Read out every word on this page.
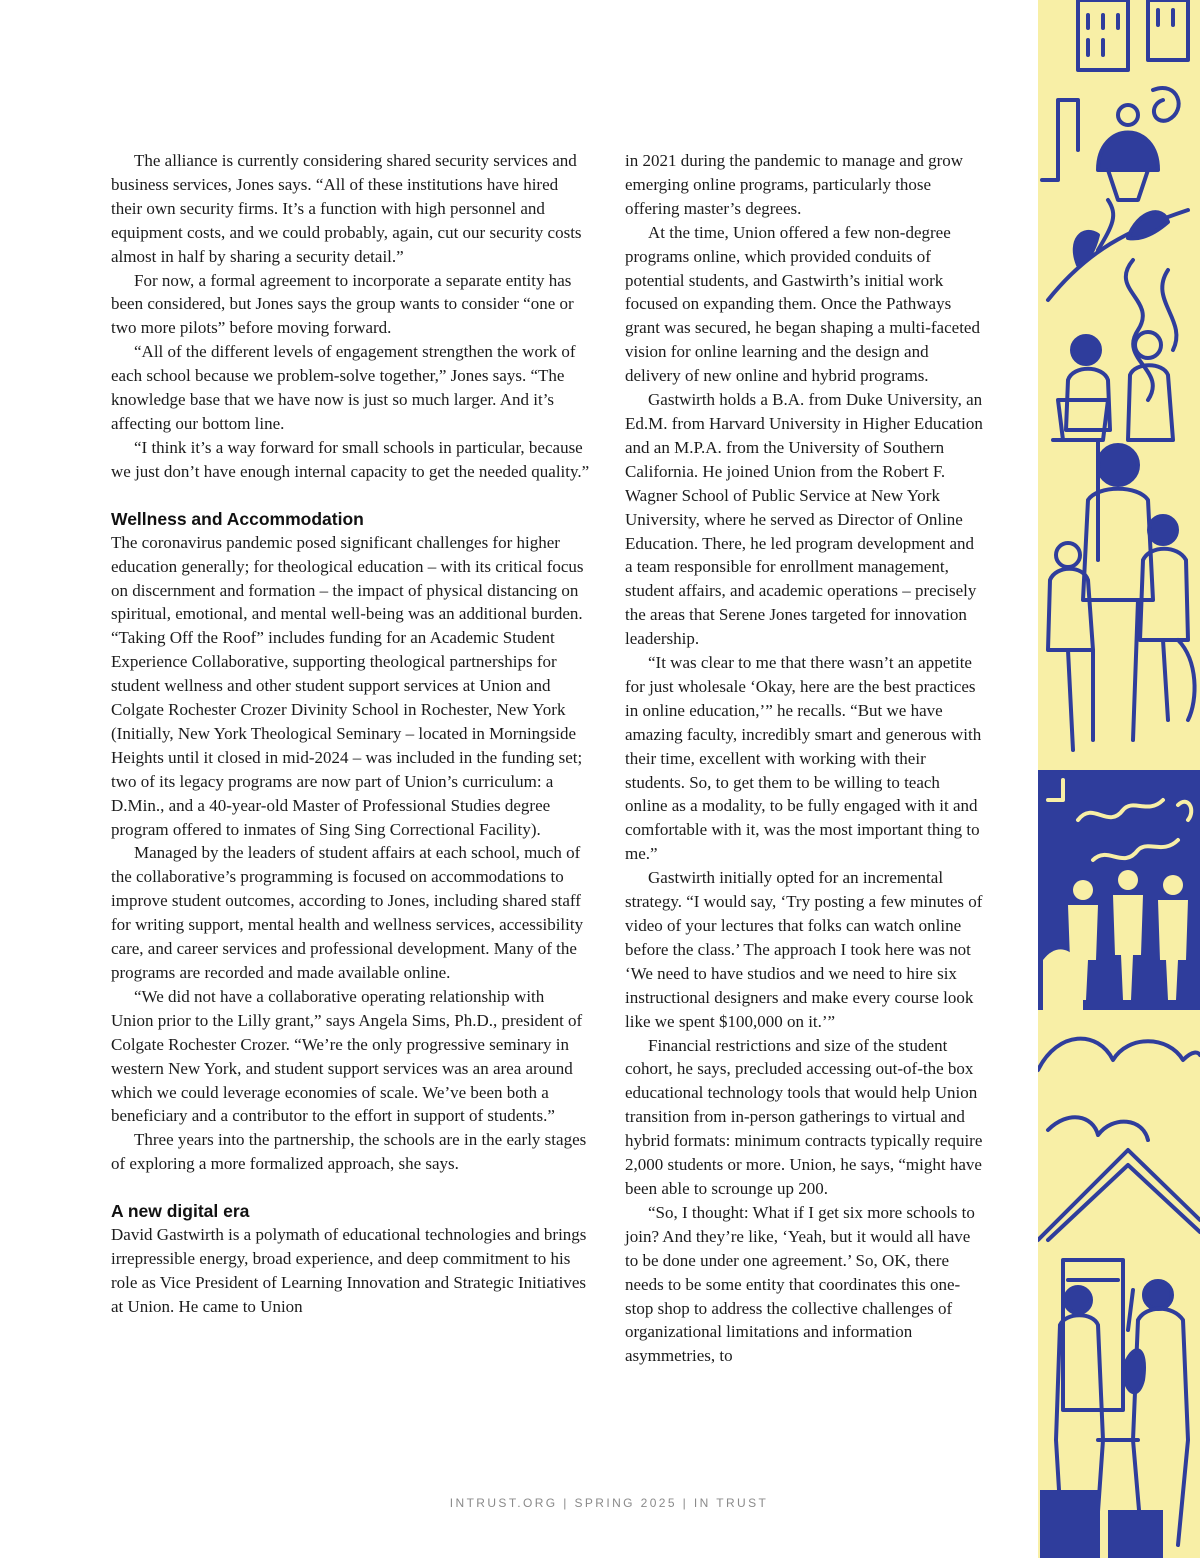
The alliance is currently considering shared security services and business services, Jones says. “All of these institutions have hired their own security firms. It’s a function with high personnel and equipment costs, and we could probably, again, cut our security costs almost in half by sharing a security detail.”

For now, a formal agreement to incorporate a separate entity has been considered, but Jones says the group wants to consider “one or two more pilots” before moving forward.

“All of the different levels of engagement strengthen the work of each school because we problem-solve together,” Jones says. “The knowledge base that we have now is just so much larger. And it’s affecting our bottom line.

“I think it’s a way forward for small schools in particular, because we just don’t have enough internal capacity to get the needed quality.”

Wellness and Accommodation

The coronavirus pandemic posed significant challenges for higher education generally; for theological education – with its critical focus on discernment and formation – the impact of physical distancing on spiritual, emotional, and mental well-being was an additional burden. “Taking Off the Roof” includes funding for an Academic Student Experience Collaborative, supporting theological partnerships for student wellness and other student support services at Union and Colgate Rochester Crozer Divinity School in Rochester, New York (Initially, New York Theological Seminary – located in Morningside Heights until it closed in mid-2024 – was included in the funding set; two of its legacy programs are now part of Union’s curriculum: a D.Min., and a 40-year-old Master of Professional Studies degree program offered to inmates of Sing Sing Correctional Facility).

Managed by the leaders of student affairs at each school, much of the collaborative’s programming is focused on accommodations to improve student outcomes, according to Jones, including shared staff for writing support, mental health and wellness services, accessibility care, and career services and professional development. Many of the programs are recorded and made available online.

“We did not have a collaborative operating relationship with Union prior to the Lilly grant,” says Angela Sims, Ph.D., president of Colgate Rochester Crozer. “We’re the only progressive seminary in western New York, and student support services was an area around which we could leverage economies of scale. We’ve been both a beneficiary and a contributor to the effort in support of students.”

Three years into the partnership, the schools are in the early stages of exploring a more formalized approach, she says.

A new digital era

David Gastwirth is a polymath of educational technologies and brings irrepressible energy, broad experience, and deep commitment to his role as Vice President of Learning Innovation and Strategic Initiatives at Union. He came to Union

in 2021 during the pandemic to manage and grow emerging online programs, particularly those offering master’s degrees.

At the time, Union offered a few non-degree programs online, which provided conduits of potential students, and Gastwirth’s initial work focused on expanding them. Once the Pathways grant was secured, he began shaping a multi-faceted vision for online learning and the design and delivery of new online and hybrid programs.

Gastwirth holds a B.A. from Duke University, an Ed.M. from Harvard University in Higher Education and an M.P.A. from the University of Southern California. He joined Union from the Robert F. Wagner School of Public Service at New York University, where he served as Director of Online Education. There, he led program development and a team responsible for enrollment management, student affairs, and academic operations – precisely the areas that Serene Jones targeted for innovation leadership.

“It was clear to me that there wasn’t an appetite for just wholesale ‘Okay, here are the best practices in online education,’” he recalls. “But we have amazing faculty, incredibly smart and generous with their time, excellent with working with their students. So, to get them to be willing to teach online as a modality, to be fully engaged with it and comfortable with it, was the most important thing to me.”

Gastwirth initially opted for an incremental strategy. “I would say, ‘Try posting a few minutes of video of your lectures that folks can watch online before the class.’ The approach I took here was not ‘We need to have studios and we need to hire six instructional designers and make every course look like we spent $100,000 on it.’”

Financial restrictions and size of the student cohort, he says, precluded accessing out-of-the box educational technology tools that would help Union transition from in-person gatherings to virtual and hybrid formats: minimum contracts typically require 2,000 students or more. Union, he says, “might have been able to scrounge up 200.

“So, I thought: What if I get six more schools to join? And they’re like, ‘Yeah, but it would all have to be done under one agreement.’ So, OK, there needs to be some entity that coordinates this one-stop shop to address the collective challenges of organizational limitations and information asymmetries, to

INTRUST.ORG | SPRING 2025 | IN TRUST
